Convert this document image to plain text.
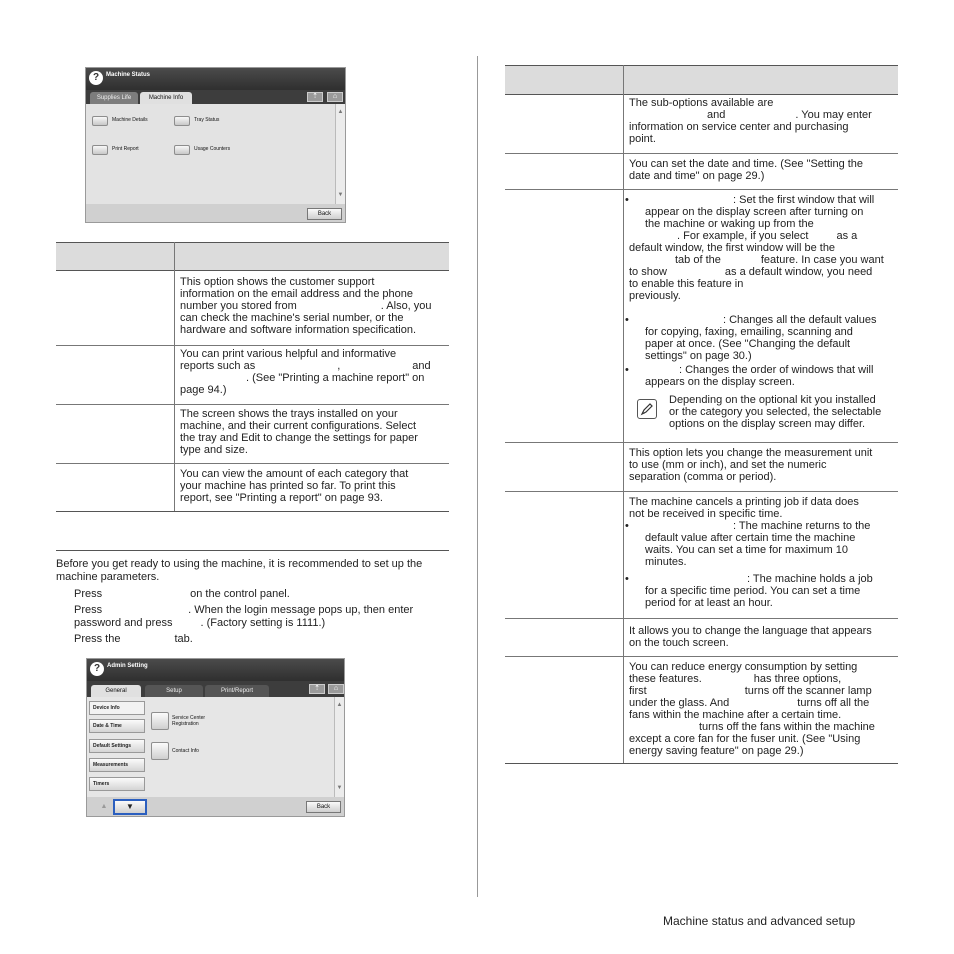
?	Machine Status
Supplies Life	Machine Info	⇡	⌂
Machine Details	Tray Status
Print Report	Usage Counters
▲
▼
Back
This option shows the customer support
information on the email address and the phone
number you stored from	. Also, you
can check the machine's serial number, or the
hardware and software information specification.
You can print various helpful and informative
reports such as	,	and
. (See "Printing a machine report" on
page 94.)
The screen shows the trays installed on your
machine, and their current configurations. Select
the tray and Edit to change the settings for paper
type and size.
You can view the amount of each category that
your machine has printed so far. To print this
report, see "Printing a report" on page 93.
Before you get ready to using the machine, it is recommended to set up the
machine parameters.
Press	on the control panel.
Press	. When the login message pops up, then enter
password and press	. (Factory setting is 1111.)
Press the	tab.
?	Admin Setting
General	Setup	Print/Report	⇡	⌂
Device Info
Date & Time
Default Settings
Measurements
Timers
Service Center Registration
Contact Info
▲
▼
▲	▼	Back
The sub-options available are
and	. You may enter
information on service center and purchasing
point.
You can set the date and time. (See "Setting the
date and time" on page 29.)
•	: Set the first window that will
appear on the display screen after turning on
the machine or waking up from the
. For example, if you select	as a
default window, the first window will be the
tab of the	feature. In case you want
to show	as a default window, you need
to enable this feature in
previously.
•	: Changes all the default values
for copying, faxing, emailing, scanning and
paper at once. (See "Changing the default
settings" on page 30.)
•	: Changes the order of windows that will
appears on the display screen.
Depending on the optional kit you installed
or the category you selected, the selectable
options on the display screen may differ.
This option lets you change the measurement unit
to use (mm or inch), and set the numeric
separation (comma or period).
The machine cancels a printing job if data does
not be received in specific time.
•	: The machine returns to the
default value after certain time the machine
waits. You can set a time for maximum 10
minutes.
•	: The machine holds a job
for a specific time period. You can set a time
period for at least an hour.
It allows you to change the language that appears
on the touch screen.
You can reduce energy consumption by setting
these features.	has three options,
first	turns off the scanner lamp
under the glass. And	turns off all the
fans within the machine after a certain time.
turns off the fans within the machine
except a core fan for the fuser unit. (See "Using
energy saving feature" on page 29.)
Machine status and advanced setup
